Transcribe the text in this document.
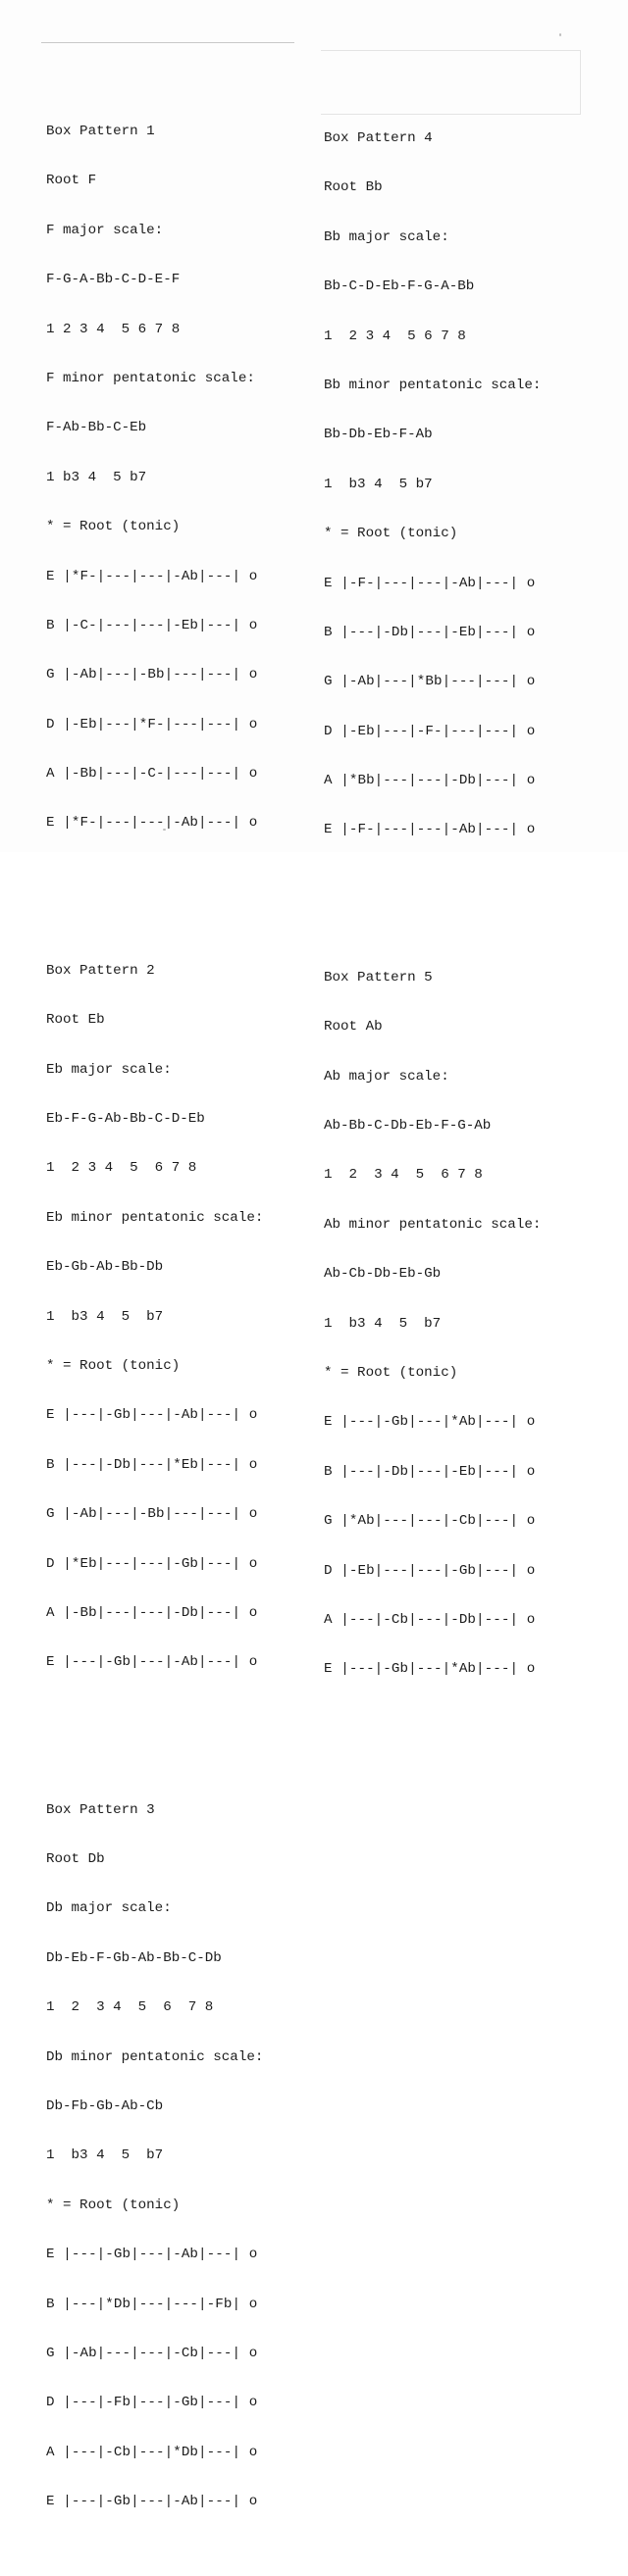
Box Pattern 1

Root F

F major scale:

F-G-A-Bb-C-D-E-F

1 2 3 4  5 6 7 8

F minor pentatonic scale:

F-Ab-Bb-C-Eb

1 b3 4  5 b7

* = Root (tonic)

E |*F-|---|---|-Ab|---| o

B |-C-|---|---|-Eb|---| o

G |-Ab|---|-Bb|---|---| o

D |-Eb|---|*F-|---|---| o

A |-Bb|---|-C-|---|---| o

E |*F-|---|---|-Ab|---| o

Box Pattern 2

Root Eb

Eb major scale:

Eb-F-G-Ab-Bb-C-D-Eb

1  2 3 4  5  6 7 8

Eb minor pentatonic scale:

Eb-Gb-Ab-Bb-Db

1  b3 4  5  b7

* = Root (tonic)

E |---|-Gb|---|-Ab|---| o

B |---|-Db|---|*Eb|---| o

G |-Ab|---|-Bb|---|---| o

D |*Eb|---|---|-Gb|---| o

A |-Bb|---|---|-Db|---| o

E |---|-Gb|---|-Ab|---| o

Box Pattern 3

Root Db

Db major scale:

Db-Eb-F-Gb-Ab-Bb-C-Db

1  2  3 4  5  6  7 8

Db minor pentatonic scale:

Db-Fb-Gb-Ab-Cb

1  b3 4  5  b7

* = Root (tonic)

E |---|-Gb|---|-Ab|---| o

B |---|*Db|---|---|-Fb| o

G |-Ab|---|---|-Cb|---| o

D |---|-Fb|---|-Gb|---| o

A |---|-Cb|---|*Db|---| o

E |---|-Gb|---|-Ab|---| o

Box Pattern 4

Root Bb

Bb major scale:

Bb-C-D-Eb-F-G-A-Bb

1  2 3 4  5 6 7 8

Bb minor pentatonic scale:

Bb-Db-Eb-F-Ab

1  b3 4  5 b7

* = Root (tonic)

E |-F-|---|---|-Ab|---| o

B |---|-Db|---|-Eb|---| o

G |-Ab|---|*Bb|---|---| o

D |-Eb|---|-F-|---|---| o

A |*Bb|---|---|-Db|---| o

E |-F-|---|---|-Ab|---| o

Box Pattern 5

Root Ab

Ab major scale:

Ab-Bb-C-Db-Eb-F-G-Ab

1  2  3 4  5  6 7 8

Ab minor pentatonic scale:

Ab-Cb-Db-Eb-Gb

1  b3 4  5  b7

* = Root (tonic)

E |---|-Gb|---|*Ab|---| o

B |---|-Db|---|-Eb|---| o

G |*Ab|---|---|-Cb|---| o

D |-Eb|---|---|-Gb|---| o

A |---|-Cb|---|-Db|---| o

E |---|-Gb|---|*Ab|---| o
